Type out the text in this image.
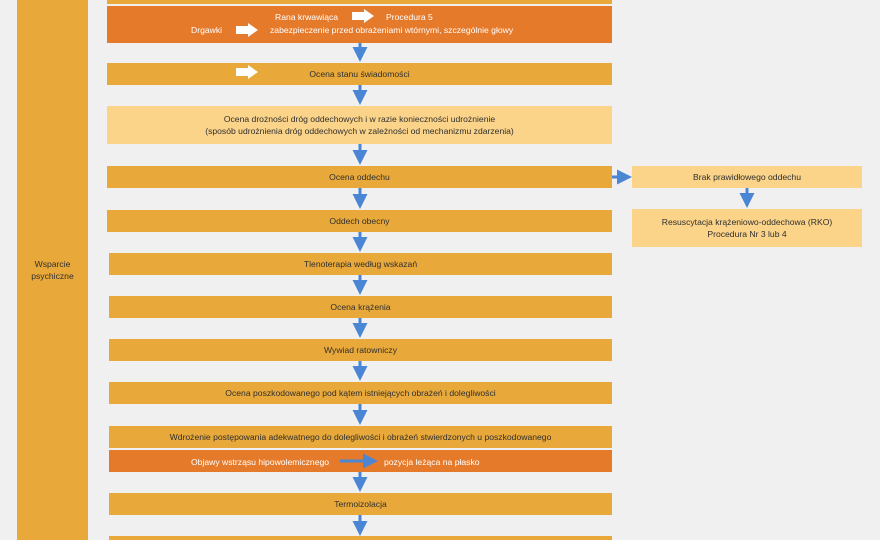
Wsparcie
psychiczne
Rana krwawiąca	Procedura 5
Drgawki	zabezpieczenie przed obrażeniami wtórnymi, szczególnie głowy
Ocena stanu świadomości
Ocena drożności dróg oddechowych i w razie konieczności udrożnienie
(sposób udrożnienia dróg oddechowych w zależności od mechanizmu zdarzenia)
Ocena oddechu	Brak prawidłowego oddechu
Resuscytacja krążeniowo-oddechowa (RKO)
Procedura Nr 3 lub 4
Oddech obecny
Tlenoterapia według wskazań
Ocena krążenia
Wywiad ratowniczy
Ocena poszkodowanego pod kątem istniejących obrażeń i dolegliwości
Wdrożenie postępowania adekwatnego do dolegliwości i obrażeń stwierdzonych u poszkodowanego
Objawy wstrząsu hipowolemicznego	pozycja leżąca na płasko
Termoizolacja
